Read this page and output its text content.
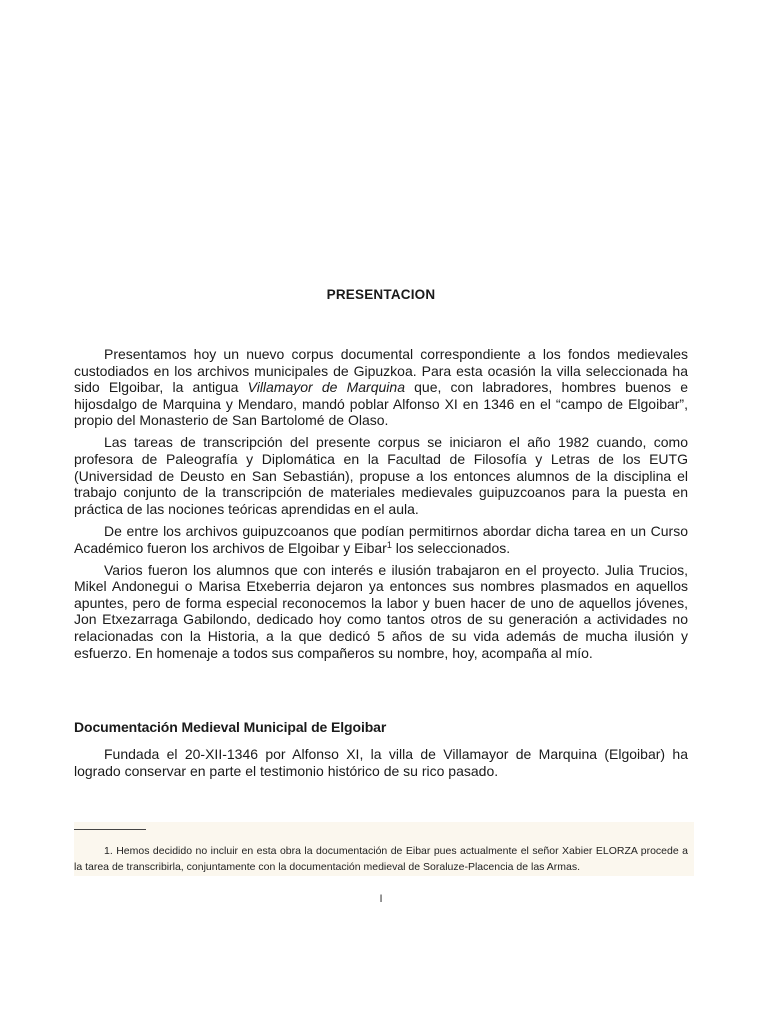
PRESENTACION

Presentamos hoy un nuevo corpus documental correspondiente a los fondos medievales custodiados en los archivos municipales de Gipuzkoa. Para esta ocasión la villa seleccionada ha sido Elgoibar, la antigua Villamayor de Marquina que, con labradores, hombres buenos e hijosdalgo de Marquina y Mendaro, mandó poblar Alfonso XI en 1346 en el “campo de Elgoibar”, propio del Monasterio de San Bartolomé de Olaso.

Las tareas de transcripción del presente corpus se iniciaron el año 1982 cuando, como profesora de Paleografía y Diplomática en la Facultad de Filosofía y Letras de los EUTG (Universidad de Deusto en San Sebastián), propuse a los entonces alumnos de la disciplina el trabajo conjunto de la transcripción de materiales medievales guipuzcoanos para la puesta en práctica de las nociones teóricas aprendidas en el aula.

De entre los archivos guipuzcoanos que podían permitirnos abordar dicha tarea en un Curso Académico fueron los archivos de Elgoibar y Eibar$^1$ los seleccionados.

Varios fueron los alumnos que con interés e ilusión trabajaron en el proyecto. Julia Trucios, Mikel Andonegui o Marisa Etxeberria dejaron ya entonces sus nombres plasmados en aquellos apuntes, pero de forma especial reconocemos la labor y buen hacer de uno de aquellos jóvenes, Jon Etxezarraga Gabilondo, dedicado hoy como tantos otros de su generación a actividades no relacionadas con la Historia, a la que dedicó 5 años de su vida además de mucha ilusión y esfuerzo. En homenaje a todos sus compañeros su nombre, hoy, acompaña al mío.

Documentación Medieval Municipal de Elgoibar

Fundada el 20-XII-1346 por Alfonso XI, la villa de Villamayor de Marquina (Elgoibar) ha logrado conservar en parte el testimonio histórico de su rico pasado.

1. Hemos decidido no incluir en esta obra la documentación de Eibar pues actualmente el señor Xabier ELORZA procede a la tarea de transcribirla, conjuntamente con la documentación medieval de Soraluze-Placencia de las Armas.
I
